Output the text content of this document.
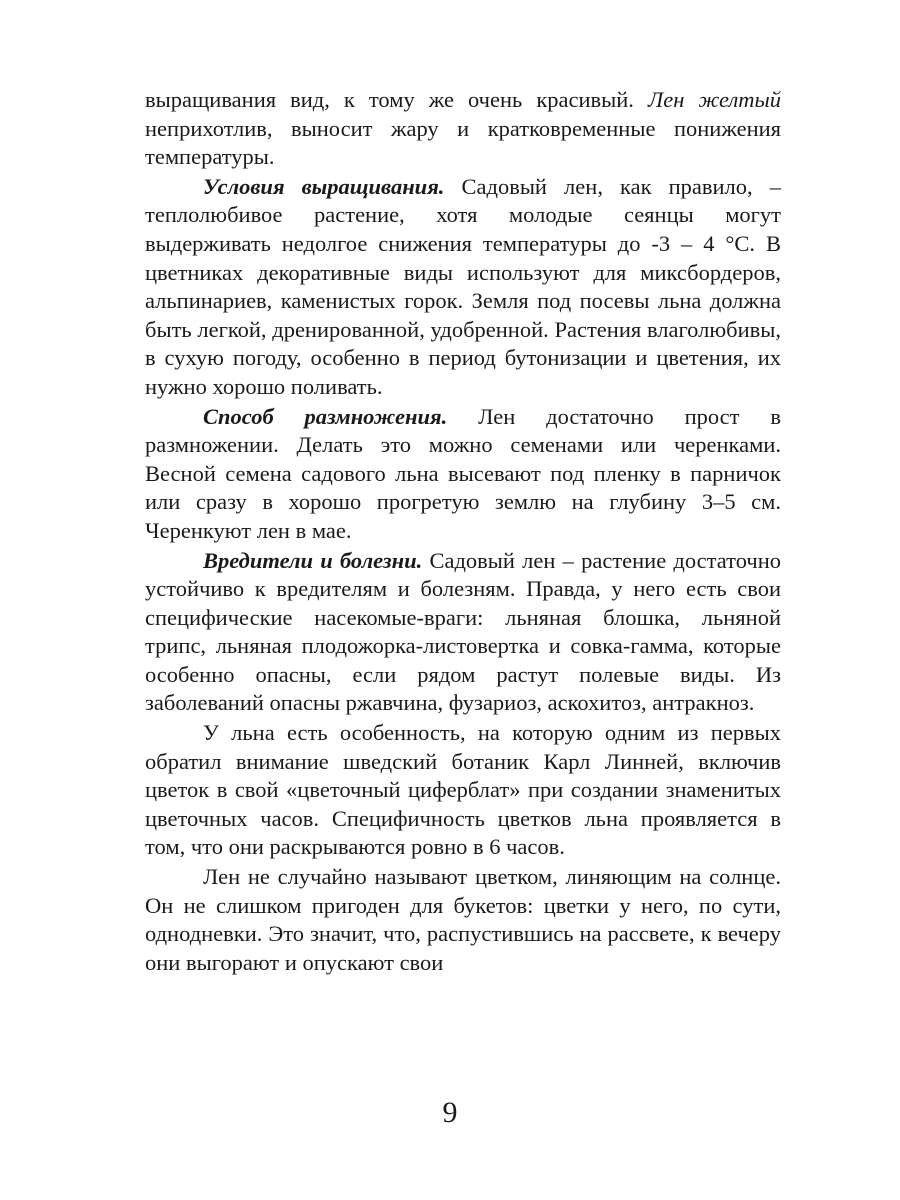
выращивания вид, к тому же очень красивый. Лен желтый неприхотлив, выносит жару и кратковременные понижения температуры.

Условия выращивания. Садовый лен, как правило, – теплолюбивое растение, хотя молодые сеянцы могут выдерживать недолгое снижения температуры до -3 – 4 °С. В цветниках декоративные виды используют для миксбордеров, альпинариев, каменистых горок. Земля под посевы льна должна быть легкой, дренированной, удобренной. Растения влаголюбивы, в сухую погоду, особенно в период бутонизации и цветения, их нужно хорошо поливать.

Способ размножения. Лен достаточно прост в размножении. Делать это можно семенами или черенками. Весной семена садового льна высевают под пленку в парничок или сразу в хорошо прогретую землю на глубину 3–5 см. Черенкуют лен в мае.

Вредители и болезни. Садовый лен – растение достаточно устойчиво к вредителям и болезням. Правда, у него есть свои специфические насекомые-враги: льняная блошка, льняной трипс, льняная плодожорка-листовертка и совка-гамма, которые особенно опасны, если рядом растут полевые виды. Из заболеваний опасны ржавчина, фузариоз, аскохитоз, антракноз.

У льна есть особенность, на которую одним из первых обратил внимание шведский ботаник Карл Линней, включив цветок в свой «цветочный циферблат» при создании знаменитых цветочных часов. Специфичность цветков льна проявляется в том, что они раскрываются ровно в 6 часов.

Лен не случайно называют цветком, линяющим на солнце. Он не слишком пригоден для букетов: цветки у него, по сути, однодневки. Это значит, что, распустившись на рассвете, к вечеру они выгорают и опускают свои

9
